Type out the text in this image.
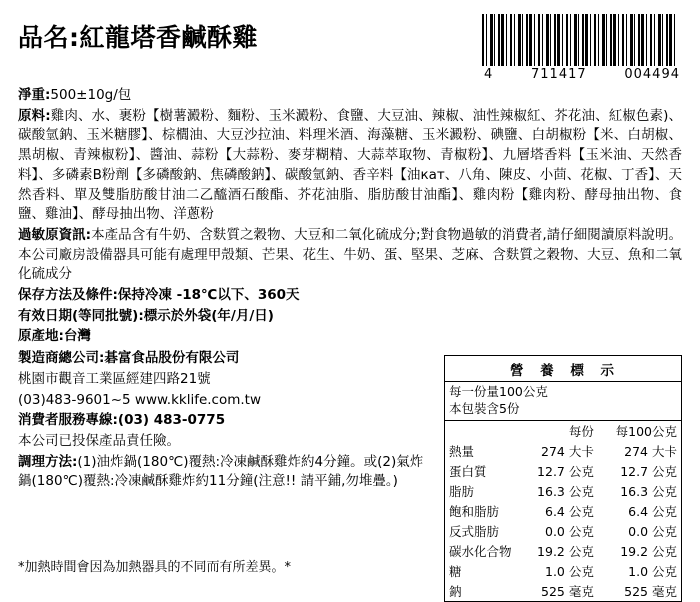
品名:紅龍塔香鹹酥雞
4	711417	004494

淨重:500±10g/包

原料:雞肉、水、裹粉【樹薯澱粉、麵粉、玉米澱粉、食鹽、大豆油、辣椒、油性辣椒紅、芥花油、紅椒色素)、碳酸氫鈉、玉米糖膠】、棕櫚油、大豆沙拉油、料理米酒、海藻糖、玉米澱粉、碘鹽、白胡椒粉【米、白胡椒、黑胡椒、青辣椒粉】、醬油、蒜粉【大蒜粉、麥芽糊精、大蒜萃取物、青椒粉】、九層塔香料【玉米油、天然香料】、多磷素B粉劑【多磷酸鈉、焦磷酸鈉】、碳酸氫鈉、香辛料【油кат、八角、陳皮、小茴、花椒、丁香】、天然香料、單及雙脂肪酸甘油二乙醯酒石酸酯、芥花油脂、脂肪酸甘油酯】、雞肉粉【雞肉粉、酵母抽出物、食鹽、雞油】、酵母抽出物、洋蔥粉

過敏原資訊:本產品含有牛奶、含麩質之穀物、大豆和二氧化硫成分;對食物過敏的消費者,請仔細閱讀原料說明。本公司廠房設備器具可能有處理甲殼類、芒果、花生、牛奶、蛋、堅果、芝麻、含麩質之穀物、大豆、魚和二氧化硫成分

保存方法及條件:保持冷凍 -18℃以下、360天

有效日期(等同批號):標示於外袋(年/月/日)

原產地:台灣

製造商總公司:碁富食品股份有限公司

桃園市觀音工業區經建四路21號

(03)483-9601~5 www.kklife.com.tw

消費者服務專線:(03) 483-0775

本公司已投保產品責任險。

調理方法:(1)油炸鍋(180℃)覆熱:冷凍鹹酥雞炸約4分鐘。或(2)氣炸鍋(180℃)覆熱:冷凍鹹酥雞炸約11分鐘(注意!! 請平鋪,勿堆疊。)

營 養 標 示
每一份量100公克
本包裝含5份
	每份	每100公克
熱量	274 大卡	274 大卡
蛋白質	12.7 公克	12.7 公克
脂肪	16.3 公克	16.3 公克
飽和脂肪	6.4 公克	6.4 公克
反式脂肪	0.0 公克	0.0 公克
碳水化合物	19.2 公克	19.2 公克
糖	1.0 公克	1.0 公克
鈉	525 毫克	525 毫克
*加熱時間會因為加熱器具的不同而有所差異。*
